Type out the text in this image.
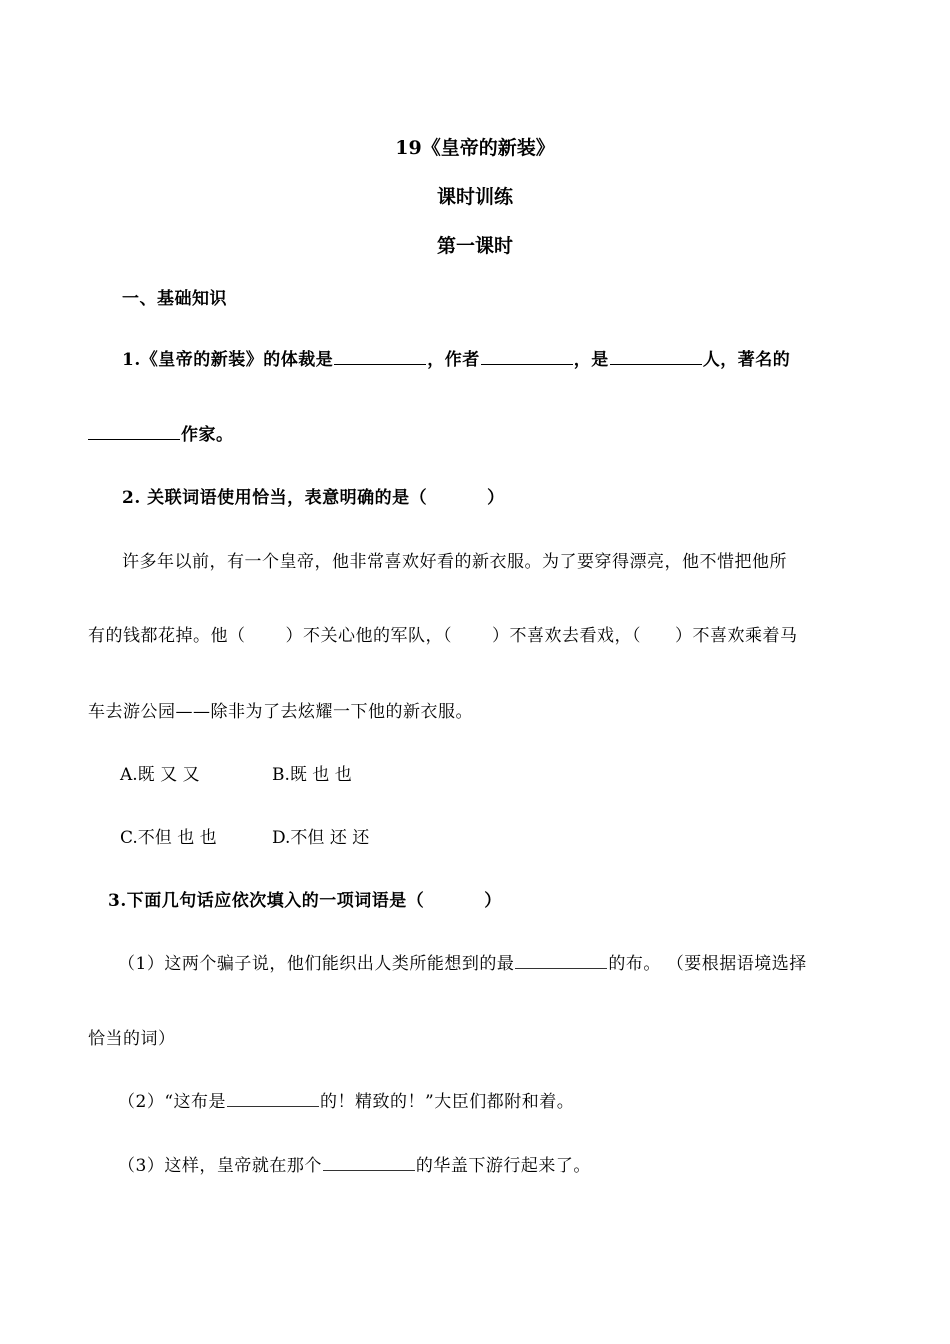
19《皇帝的新装》
课时训练
第一课时
一、基础知识
1.《皇帝的新装》的体裁是	，作者	，是	人，著名的
作家。
2. 关联词语使用恰当，表意明确的是（	）
许多年以前，有一个皇帝，他非常喜欢好看的新衣服。为了要穿得漂亮，他不惜把他所
有的钱都花掉。他（ ）不关心他的军队，（ ）不喜欢去看戏，（ ）不喜欢乘着马
车去游公园——除非为了去炫耀一下他的新衣服。
A.既 又 又	B.既 也 也
C.不但 也 也	D.不但 还 还
3.下面几句话应依次填入的一项词语是（	）
（1）这两个骗子说，他们能织出人类所能想到的最	的布。 （要根据语境选择
恰当的词）
（2）“这布是	的！精致的！”大臣们都附和着。
（3）这样，皇帝就在那个	的华盖下游行起来了。
